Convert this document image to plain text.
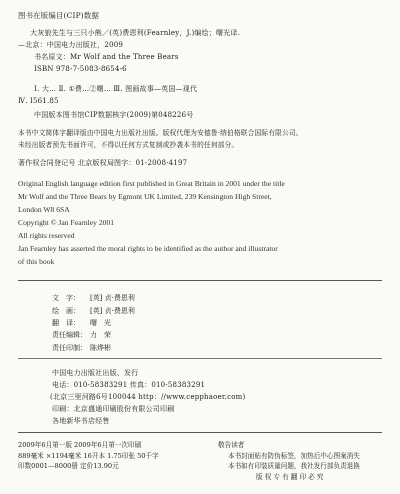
图书在版编目(CIP)数据
大灰狼先生与三只小熊／(英)费恩利(Fearnley，J.)编绘；曙光译.
—北京：中国电力出版社，2009
书名原文：Mr Wolf and the Three Bears
ISBN 978-7-5083-8654-6
Ⅰ. 大… Ⅱ. ①费…②曙… Ⅲ. 图画故事—英国—现代
Ⅳ. I561.85
中国版本图书馆CIP数据核字(2009)第048226号
本书中文简体字翻译版由中国电力出版社出版。版权代理为安德鲁·纳伯格联合国际有限公司。
未经出版者预先书面许可，不得以任何方式复制或抄袭本书的任何部分。
著作权合同登记号 北京版权局图字：01-2008-4197
Original English language edition first published in Great Britain in 2001 under the title
Mr Wolf and the Three Bears by Egmont UK Limited, 239 Kensington High Street,
London W8 6SA
Copyright © Jan Fearnley 2001
All rights reserved
Jan Fearnley has asserted the moral rights to be identified as the author and illustrator
of this book
文　字： [英] 贞·费恩利
绘　画： [英] 贞·费恩利
翻　译： 曙　光
责任编辑： 力　荣
责任印制： 陈烨彬
中国电力出版社出版、发行
电话：010-58383291 传真：010-58383291
(北京三里河路6号100044 http：//www.cepphaoer.com)
印刷：北京盛通印刷股份有限公司印刷
各地新华书店经售
2009年6月第一版 2009年6月第一次印刷
889毫米 ×1194毫米 16开本 1.75印张 50千字
印数0001—8000册 定价13.90元
敬告读者
本书封面贴有防伪标签，加热后中心图案消失
本书如有印装质量问题，我社发行部负责退换
版 权 专 有 翻 印 必 究
